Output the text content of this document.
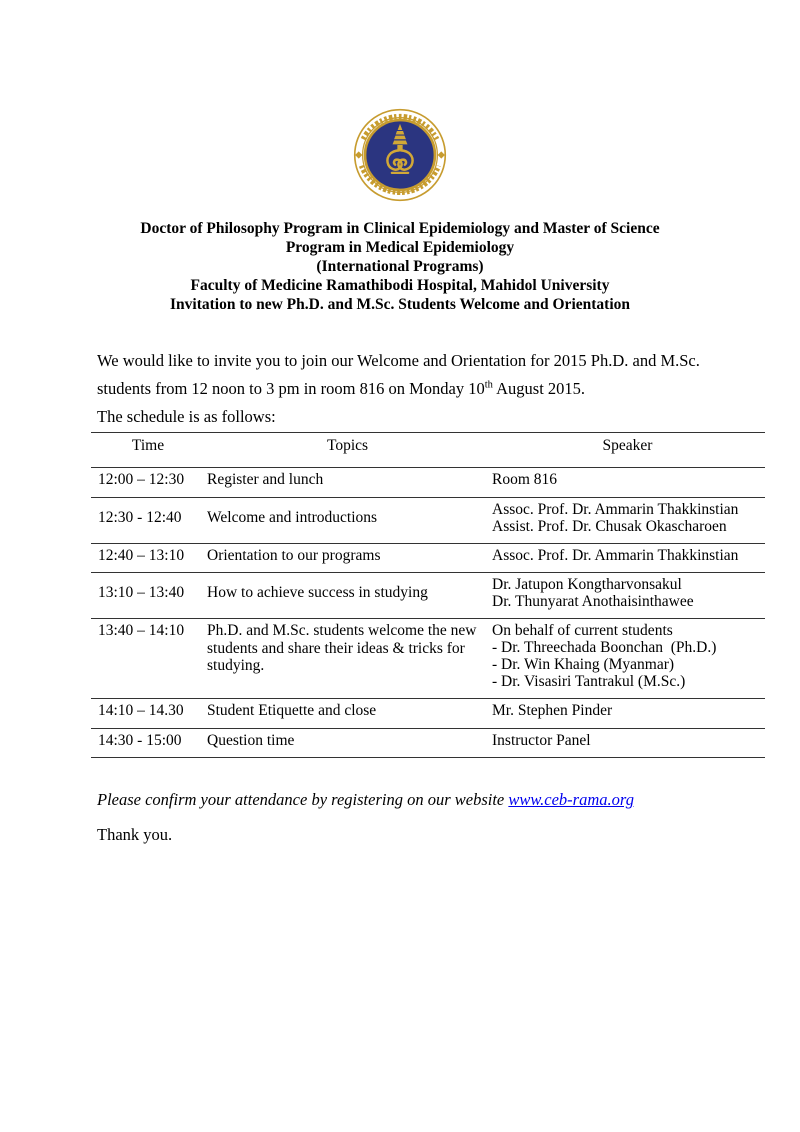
Doctor of Philosophy Program in Clinical Epidemiology and Master of Science
Program in Medical Epidemiology
(International Programs)
Faculty of Medicine Ramathibodi Hospital, Mahidol University
Invitation to new Ph.D. and M.Sc. Students Welcome and Orientation
We would like to invite you to join our Welcome and Orientation for 2015 Ph.D. and M.Sc. students from 12 noon to 3 pm in room 816 on Monday 10th August 2015.
The schedule is as follows:
Time	Topics	Speaker
12:00 – 12:30	Register and lunch	Room 816

12:30 - 12:40	Welcome and introductions	Assoc. Prof. Dr. Ammarin Thakkinstian
Assist. Prof. Dr. Chusak Okascharoen

12:40 – 13:10	Orientation to our programs	Assoc. Prof. Dr. Ammarin Thakkinstian

13:10 – 13:40	How to achieve success in studying	Dr. Jatupon Kongtharvonsakul
Dr. Thunyarat Anothaisinthawee

13:40 – 14:10	Ph.D. and M.Sc. students welcome the new students and share their ideas & tricks for studying.	On behalf of current students
- Dr. Threechada Boonchan  (Ph.D.)
- Dr. Win Khaing (Myanmar)
- Dr. Visasiri Tantrakul (M.Sc.)

14:10 – 14.30	Student Etiquette and close	Mr. Stephen Pinder

14:30 - 15:00	Question time	Instructor Panel

Please confirm your attendance by registering on our website www.ceb-rama.org

Thank you.
